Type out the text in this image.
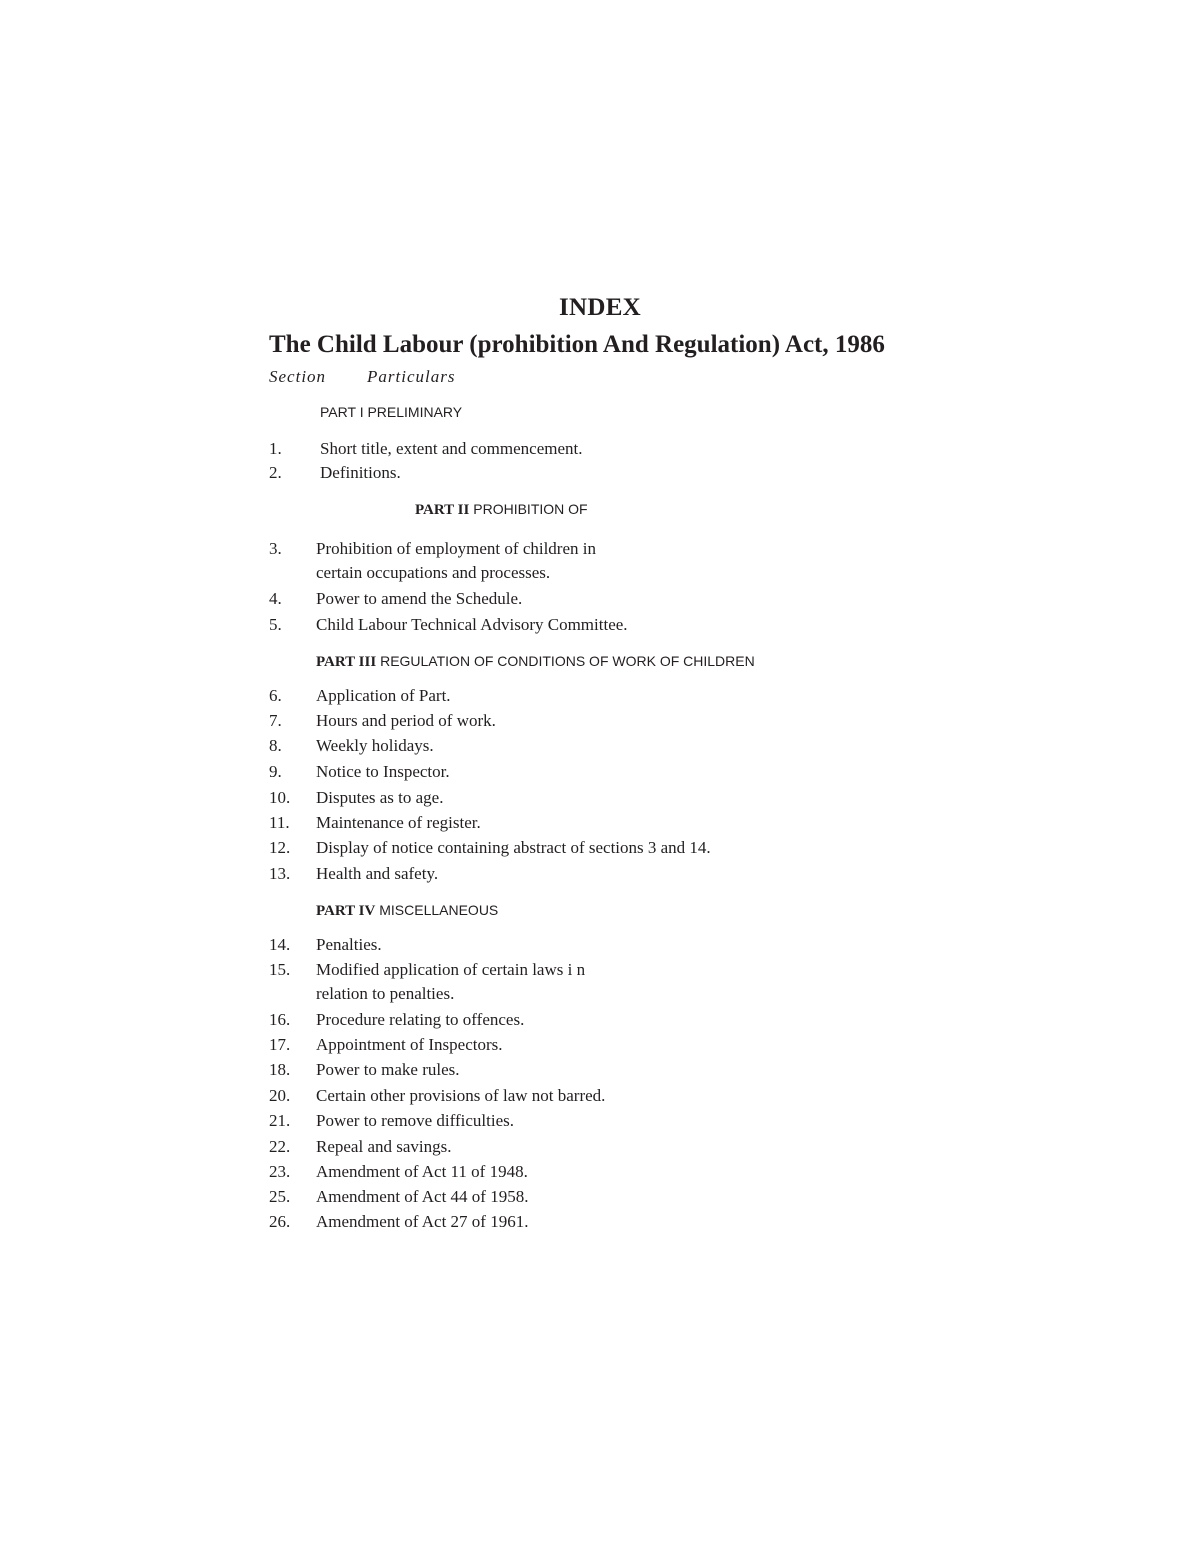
INDEX
The Child Labour (prohibition And Regulation) Act, 1986
Section Particulars
PART I PRELIMINARY
1. Short title, extent and commencement.
2. Definitions.
PART II PROHIBITION OF
3. Prohibition of employment of children in
certain occupations and processes.
4. Power to amend the Schedule.
5. Child Labour Technical Advisory Committee.
PART III REGULATION OF CONDITIONS OF WORK OF CHILDREN
6. Application of Part.
7. Hours and period of work.
8. Weekly holidays.
9. Notice to Inspector.
10. Disputes as to age.
11. Maintenance of register.
12. Display of notice containing abstract of sections 3 and 14.
13. Health and safety.
PART IV MISCELLANEOUS
14. Penalties.
15. Modified application of certain laws i n
relation to penalties.
16. Procedure relating to offences.
17. Appointment of Inspectors.
18. Power to make rules.
20. Certain other provisions of law not barred.
21. Power to remove difficulties.
22. Repeal and savings.
23. Amendment of Act 11 of 1948.
25. Amendment of Act 44 of 1958.
26. Amendment of Act 27 of 1961.
